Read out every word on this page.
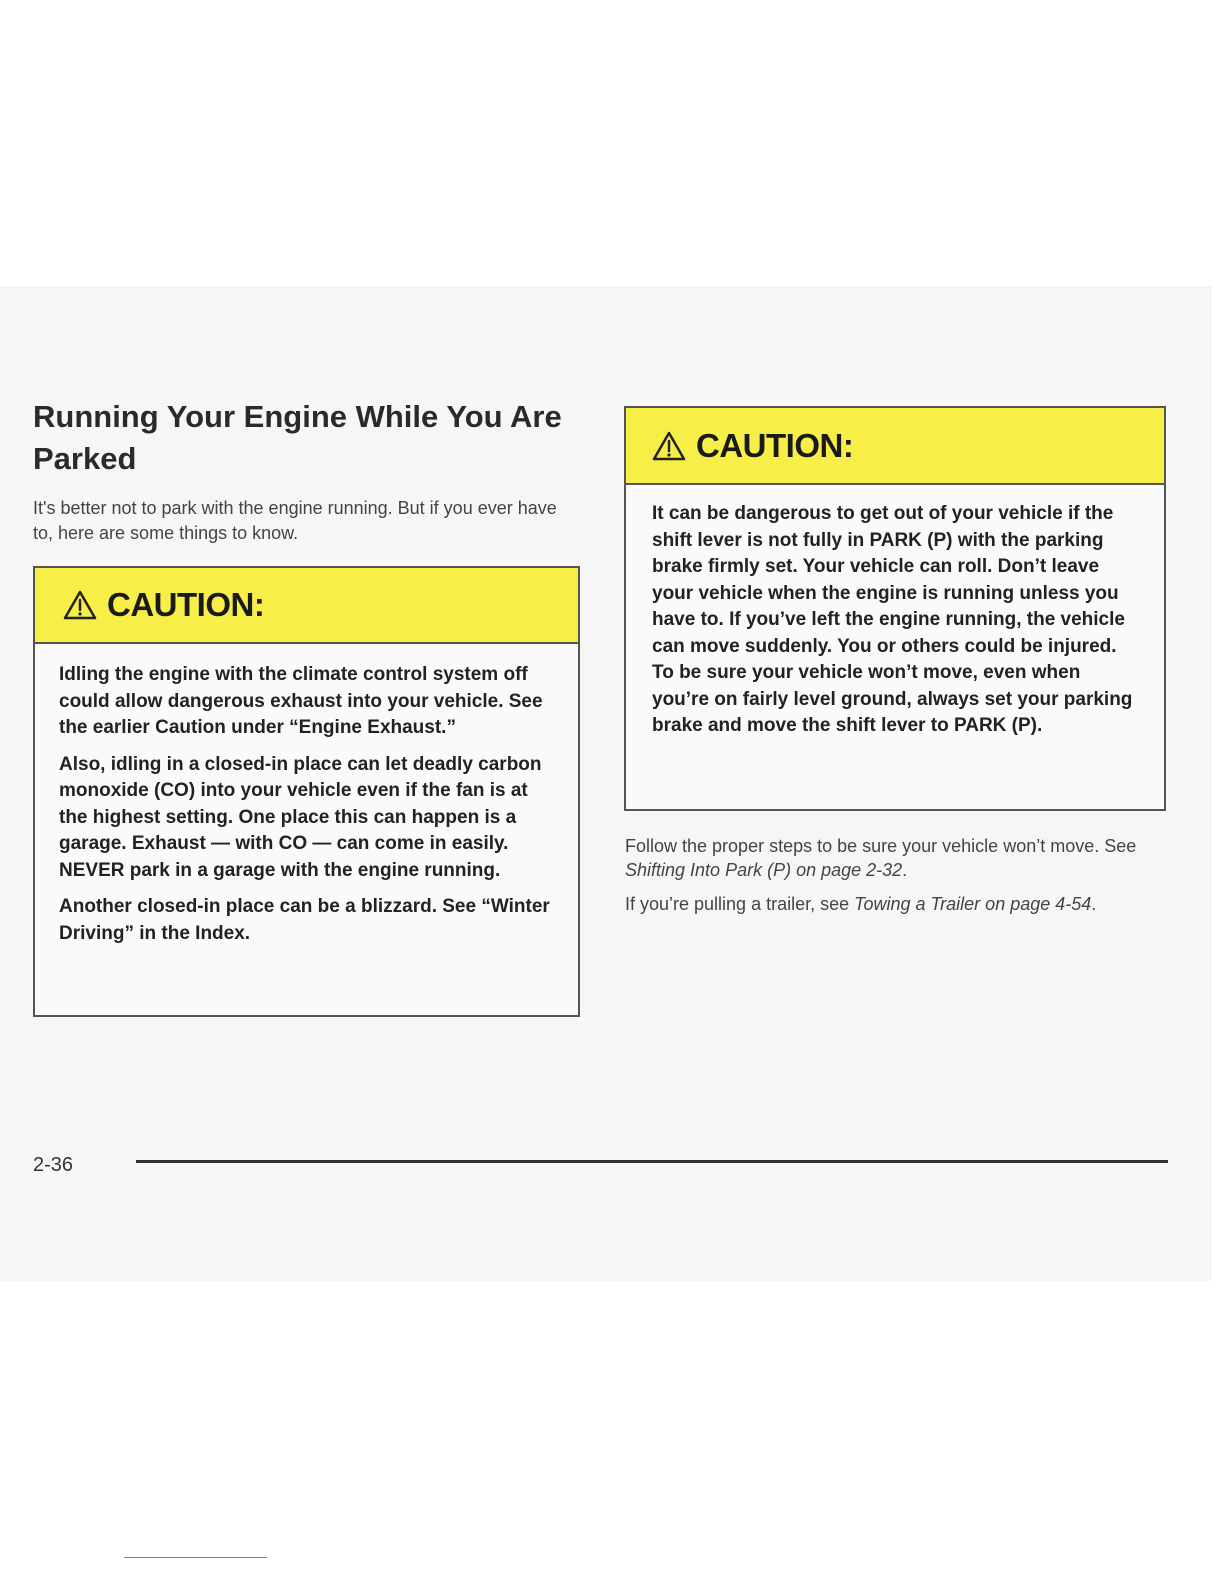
Running Your Engine While You Are Parked

It's better not to park with the engine running. But if you ever have to, here are some things to know.

CAUTION:

Idling the engine with the climate control system off could allow dangerous exhaust into your vehicle. See the earlier Caution under “Engine Exhaust.”

Also, idling in a closed-in place can let deadly carbon monoxide (CO) into your vehicle even if the fan is at the highest setting. One place this can happen is a garage. Exhaust — with CO — can come in easily. NEVER park in a garage with the engine running.

Another closed-in place can be a blizzard. See “Winter Driving” in the Index.

CAUTION:

It can be dangerous to get out of your vehicle if the shift lever is not fully in PARK (P) with the parking brake firmly set. Your vehicle can roll. Don’t leave your vehicle when the engine is running unless you have to. If you’ve left the engine running, the vehicle can move suddenly. You or others could be injured. To be sure your vehicle won’t move, even when you’re on fairly level ground, always set your parking brake and move the shift lever to PARK (P).

Follow the proper steps to be sure your vehicle won’t move. See Shifting Into Park (P) on page 2-32.

If you’re pulling a trailer, see Towing a Trailer on page 4-54.

2-36
